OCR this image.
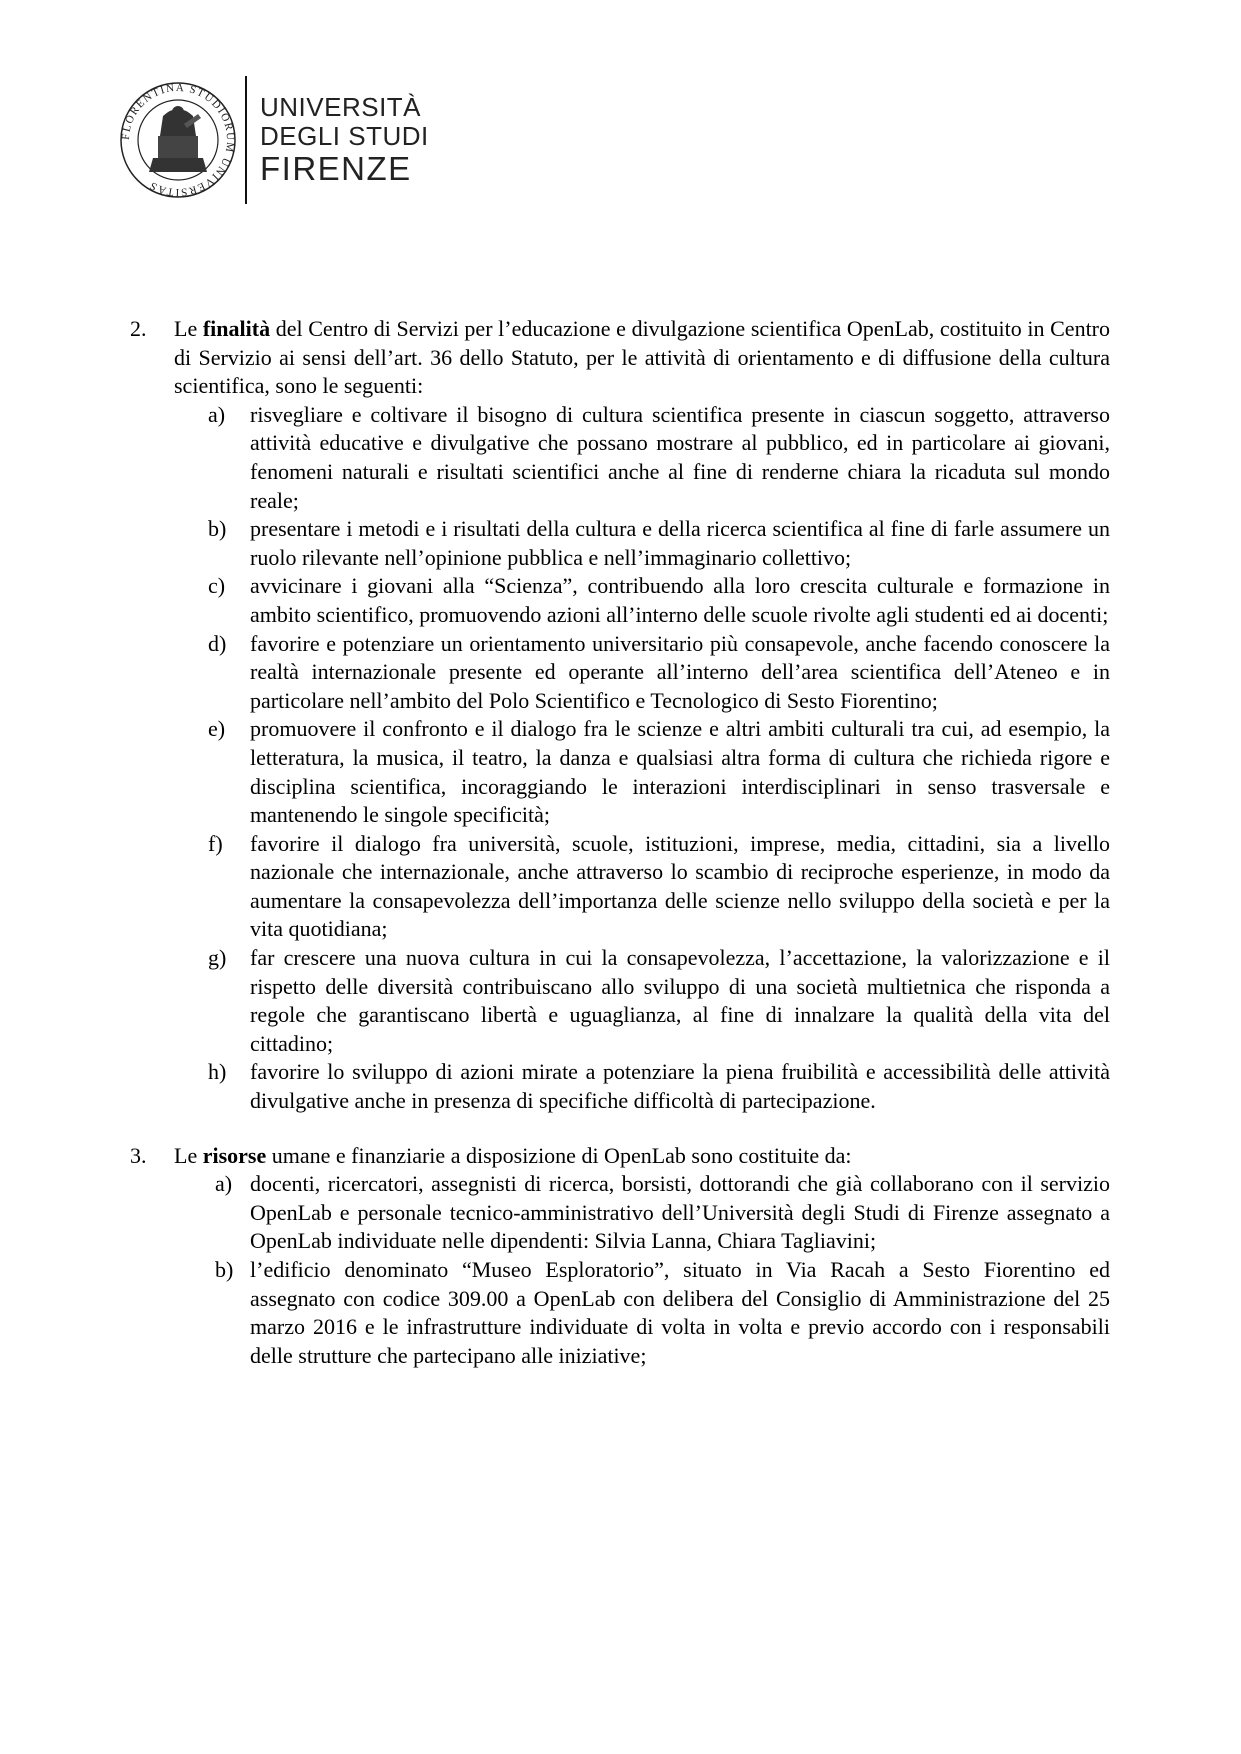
FLORENTINA STUDIORUM UNIVERSITAS
UNIVERSITÀ
DEGLI STUDI
FIRENZE
2. Le finalità del Centro di Servizi per l’educazione e divulgazione scientifica OpenLab, costituito in Centro di Servizio ai sensi dell’art. 36 dello Statuto, per le attività di orientamento e di diffusione della cultura scientifica, sono le seguenti:

a) risvegliare e coltivare il bisogno di cultura scientifica presente in ciascun soggetto, attraverso attività educative e divulgative che possano mostrare al pubblico, ed in particolare ai giovani, fenomeni naturali e risultati scientifici anche al fine di renderne chiara la ricaduta sul mondo reale;
b) presentare i metodi e i risultati della cultura e della ricerca scientifica al fine di farle assumere un ruolo rilevante nell’opinione pubblica e nell’immaginario collettivo;
c) avvicinare i giovani alla “Scienza”, contribuendo alla loro crescita culturale e formazione in ambito scientifico, promuovendo azioni all’interno delle scuole rivolte agli studenti ed ai docenti;
d) favorire e potenziare un orientamento universitario più consapevole, anche facendo conoscere la realtà internazionale presente ed operante all’interno dell’area scientifica dell’Ateneo e in particolare nell’ambito del Polo Scientifico e Tecnologico di Sesto Fiorentino;
e) promuovere il confronto e il dialogo fra le scienze e altri ambiti culturali tra cui, ad esempio, la letteratura, la musica, il teatro, la danza e qualsiasi altra forma di cultura che richieda rigore e disciplina scientifica, incoraggiando le interazioni interdisciplinari in senso trasversale e mantenendo le singole specificità;
f) favorire il dialogo fra università, scuole, istituzioni, imprese, media, cittadini, sia a livello nazionale che internazionale, anche attraverso lo scambio di reciproche esperienze, in modo da aumentare la consapevolezza dell’importanza delle scienze nello sviluppo della società e per la vita quotidiana;
g) far crescere una nuova cultura in cui la consapevolezza, l’accettazione, la valorizzazione e il rispetto delle diversità contribuiscano allo sviluppo di una società multietnica che risponda a regole che garantiscano libertà e uguaglianza, al fine di innalzare la qualità della vita del cittadino;
h) favorire lo sviluppo di azioni mirate a potenziare la piena fruibilità e accessibilità delle attività divulgative anche in presenza di specifiche difficoltà di partecipazione.
3. Le risorse umane e finanziarie a disposizione di OpenLab sono costituite da:

a) docenti, ricercatori, assegnisti di ricerca, borsisti, dottorandi che già collaborano con il servizio OpenLab e personale tecnico-amministrativo dell’Università degli Studi di Firenze assegnato a OpenLab individuate nelle dipendenti: Silvia Lanna, Chiara Tagliavini;
b) l’edificio denominato “Museo Esploratorio”, situato in Via Racah a Sesto Fiorentino ed assegnato con codice 309.00 a OpenLab con delibera del Consiglio di Amministrazione del 25 marzo 2016 e le infrastrutture individuate di volta in volta e previo accordo con i responsabili delle strutture che partecipano alle iniziative;
